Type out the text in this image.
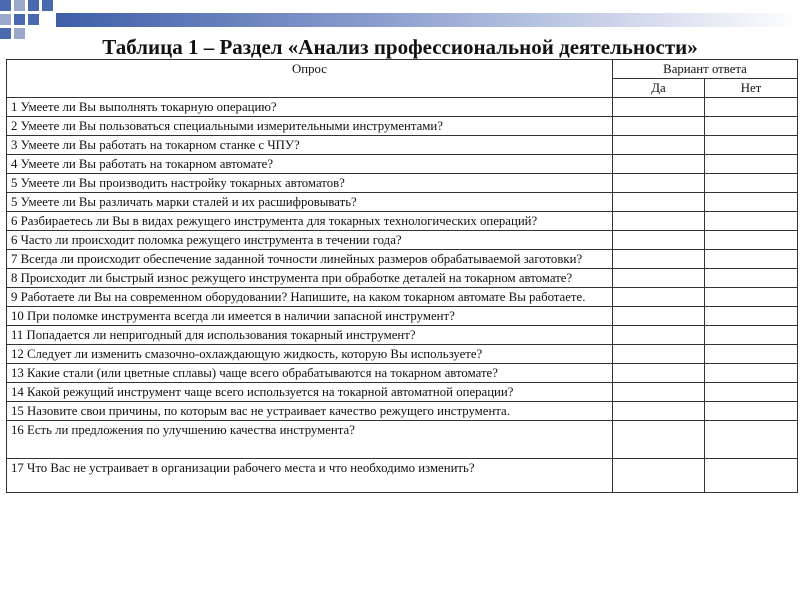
Таблица 1 – Раздел «Анализ профессиональной деятельности»
Опрос	Вариант ответа	
	Да	Нет
1 Умеете ли Вы выполнять токарную операцию?		
2 Умеете ли Вы пользоваться специальными измерительными инструментами?		
3 Умеете ли Вы работать на токарном станке с ЧПУ?		
4 Умеете ли Вы работать на токарном автомате?		
5 Умеете ли Вы производить настройку токарных автоматов?		
5 Умеете ли Вы различать марки сталей и их расшифровывать?		
6 Разбираетесь ли Вы в видах режущего инструмента для токарных технологических операций?		
6 Часто ли происходит поломка режущего инструмента в течении года?		
7 Всегда ли происходит обеспечение заданной точности линейных размеров обрабатываемой заготовки?		
8 Происходит ли быстрый износ режущего инструмента при обработке деталей на токарном автомате?		
9 Работаете ли Вы на современном оборудовании? Напишите, на каком токарном автомате Вы работаете.		
10 При поломке инструмента всегда ли имеется в наличии запасной инструмент?		
11 Попадается ли непригодный для использования токарный инструмент?		
12 Следует ли изменить смазочно-охлаждающую жидкость, которую Вы используете?		
13 Какие стали (или цветные сплавы) чаще всего обрабатываются на токарном автомате?		
14 Какой режущий инструмент чаще всего используется на токарной автоматной операции?		
15 Назовите свои причины, по которым вас не устраивает качество режущего инструмента.		
16 Есть ли предложения по улучшению качества инструмента?		
17 Что Вас не устраивает в организации рабочего места и что необходимо изменить?		
